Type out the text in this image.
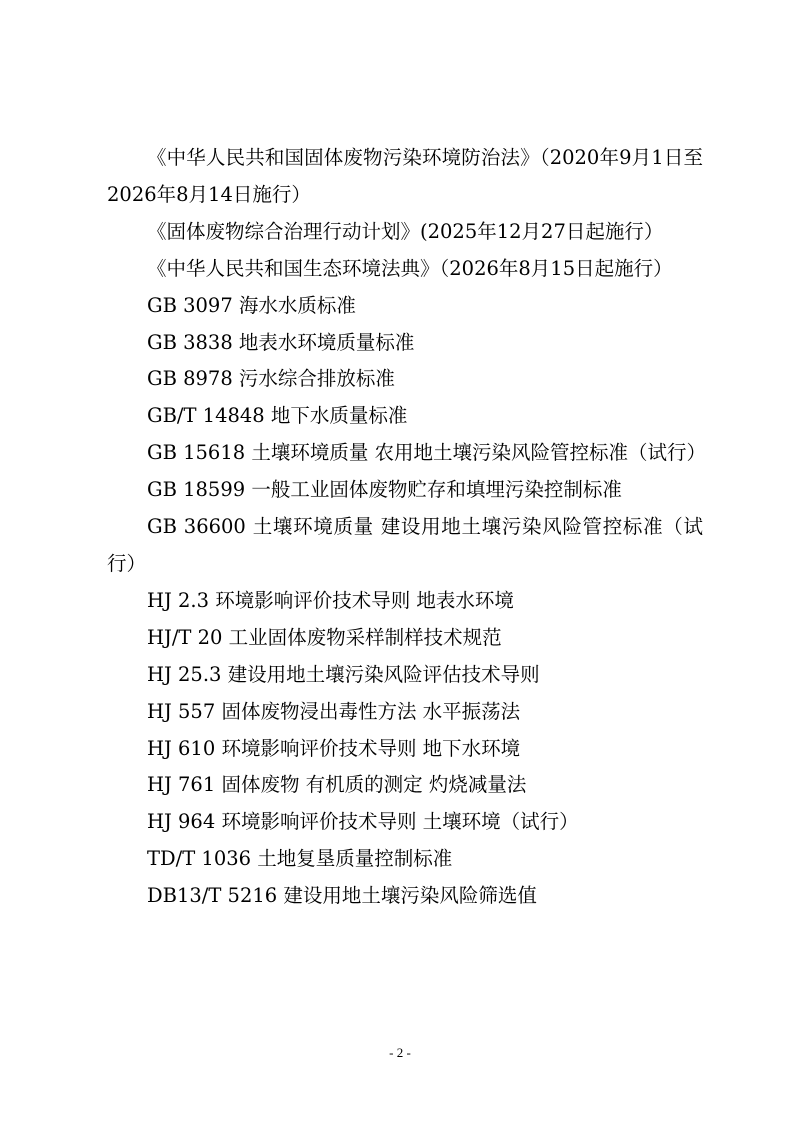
《中华人民共和国固体废物污染环境防治法》（2020年9月1日至2026年8月14日施行）

《固体废物综合治理行动计划》(2025年12月27日起施行）

《中华人民共和国生态环境法典》（2026年8月15日起施行）

GB 3097 海水水质标准

GB 3838 地表水环境质量标准

GB 8978 污水综合排放标准

GB/T 14848 地下水质量标准

GB 15618 土壤环境质量 农用地土壤污染风险管控标准（试行）

GB 18599 一般工业固体废物贮存和填埋污染控制标准

GB 36600 土壤环境质量 建设用地土壤污染风险管控标准（试行）

HJ 2.3 环境影响评价技术导则 地表水环境

HJ/T 20 工业固体废物采样制样技术规范

HJ 25.3 建设用地土壤污染风险评估技术导则

HJ 557 固体废物浸出毒性方法 水平振荡法

HJ 610 环境影响评价技术导则 地下水环境

HJ 761 固体废物 有机质的测定 灼烧减量法

HJ 964 环境影响评价技术导则 土壤环境（试行）

TD/T 1036 土地复垦质量控制标准

DB13/T 5216 建设用地土壤污染风险筛选值

- 2 -
